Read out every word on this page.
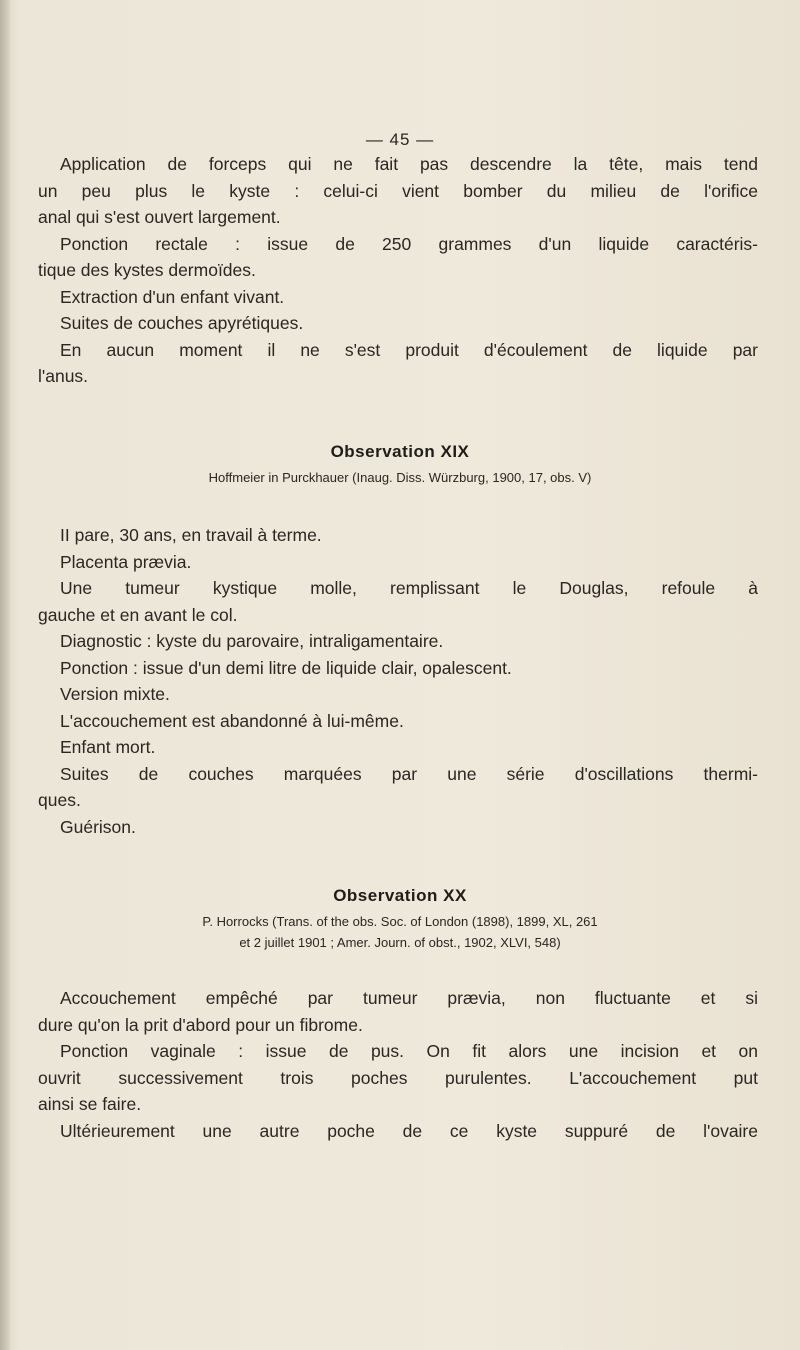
— 45 —
Application de forceps qui ne fait pas descendre la tête, mais tend
un peu plus le kyste : celui-ci vient bomber du milieu de l'orifice
anal qui s'est ouvert largement.
Ponction rectale : issue de 250 grammes d'un liquide caractéris-
tique des kystes dermoïdes.
Extraction d'un enfant vivant.
Suites de couches apyrétiques.
En aucun moment il ne s'est produit d'écoulement de liquide par
l'anus.
Observation XIX
Hoffmeier in Purckhauer (Inaug. Diss. Würzburg, 1900, 17, obs. V)
II pare, 30 ans, en travail à terme.
Placenta prævia.
Une tumeur kystique molle, remplissant le Douglas, refoule à
gauche et en avant le col.
Diagnostic : kyste du parovaire, intraligamentaire.
Ponction : issue d'un demi litre de liquide clair, opalescent.
Version mixte.
L'accouchement est abandonné à lui-même.
Enfant mort.
Suites de couches marquées par une série d'oscillations thermi-
ques.
Guérison.
Observation XX
P. Horrocks (Trans. of the obs. Soc. of London (1898), 1899, XL, 261
et 2 juillet 1901 ; Amer. Journ. of obst., 1902, XLVI, 548)
Accouchement empêché par tumeur prævia, non fluctuante et si
dure qu'on la prit d'abord pour un fibrome.
Ponction vaginale : issue de pus. On fit alors une incision et on
ouvrit successivement trois poches purulentes. L'accouchement put
ainsi se faire.
Ultérieurement une autre poche de ce kyste suppuré de l'ovaire
